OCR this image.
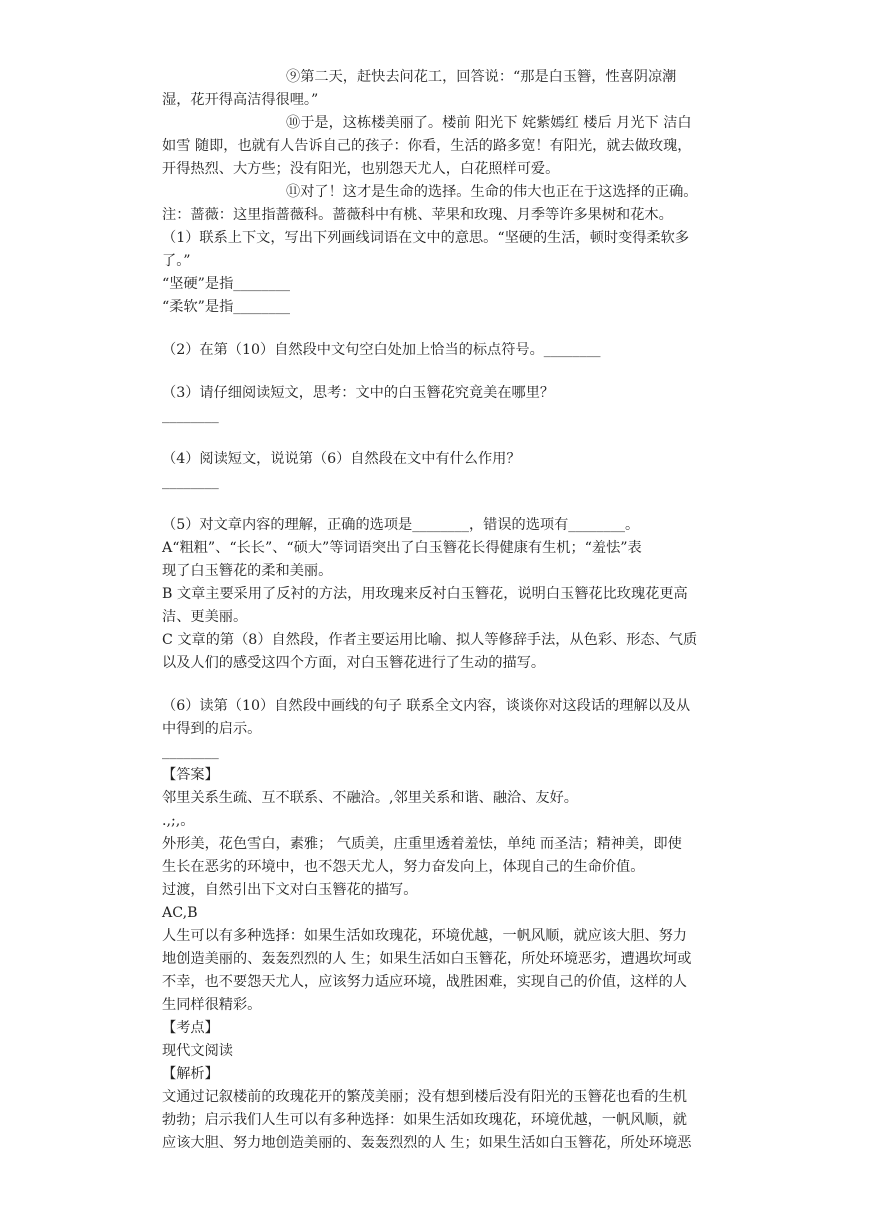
⑨第二天，赶快去问花工，回答说：“那是白玉簪，性喜阴凉潮

湿，花开得高洁得很哩。”

⑩于是，这栋楼美丽了。楼前 阳光下 姹紫嫣红 楼后 月光下 洁白

如雪 随即，也就有人告诉自己的孩子：你看，生活的路多宽！有阳光，就去做玫瑰，

开得热烈、大方些；没有阳光，也别怨天尤人，白花照样可爱。

⑪对了！这才是生命的选择。生命的伟大也正在于这选择的正确。

注：蔷薇：这里指蔷薇科。蔷薇科中有桃、苹果和玫瑰、月季等许多果树和花木。

（1）联系上下文，写出下列画线词语在文中的意思。“坚硬的生活，顿时变得柔软多

了。”

“坚硬”是指________

“柔软”是指________

（2）在第（10）自然段中文句空白处加上恰当的标点符号。________

（3）请仔细阅读短文，思考：文中的白玉簪花究竟美在哪里？

________

（4）阅读短文，说说第（6）自然段在文中有什么作用？

________

（5）对文章内容的理解，正确的选项是________，错误的选项有________。

A“粗粗”、“长长”、“硕大”等词语突出了白玉簪花长得健康有生机；“羞怯”表

现了白玉簪花的柔和美丽。

B 文章主要采用了反衬的方法，用玫瑰来反衬白玉簪花，说明白玉簪花比玫瑰花更高

洁、更美丽。

C 文章的第（8）自然段，作者主要运用比喻、拟人等修辞手法，从色彩、形态、气质

以及人们的感受这四个方面，对白玉簪花进行了生动的描写。

（6）读第（10）自然段中画线的句子 联系全文内容，谈谈你对这段话的理解以及从

中得到的启示。

________

【答案】

邻里关系生疏、互不联系、不融洽。,邻里关系和谐、融洽、友好。

.,;,。

外形美，花色雪白，素雅； 气质美，庄重里透着羞怯，单纯 而圣洁；精神美，即使

生长在恶劣的环境中，也不怨天尤人，努力奋发向上，体现自己的生命价值。

过渡，自然引出下文对白玉簪花的描写。

AC,B

人生可以有多种选择：如果生活如玫瑰花，环境优越，一帆风顺，就应该大胆、努力

地创造美丽的、轰轰烈烈的人 生；如果生活如白玉簪花，所处环境恶劣，遭遇坎坷或

不幸，也不要怨天尤人，应该努力适应环境，战胜困难，实现自己的价值，这样的人

生同样很精彩。

【考点】

现代文阅读

【解析】

文通过记叙楼前的玫瑰花开的繁茂美丽；没有想到楼后没有阳光的玉簪花也看的生机

勃勃；启示我们人生可以有多种选择：如果生活如玫瑰花，环境优越，一帆风顺，就

应该大胆、努力地创造美丽的、轰轰烈烈的人 生；如果生活如白玉簪花，所处环境恶
